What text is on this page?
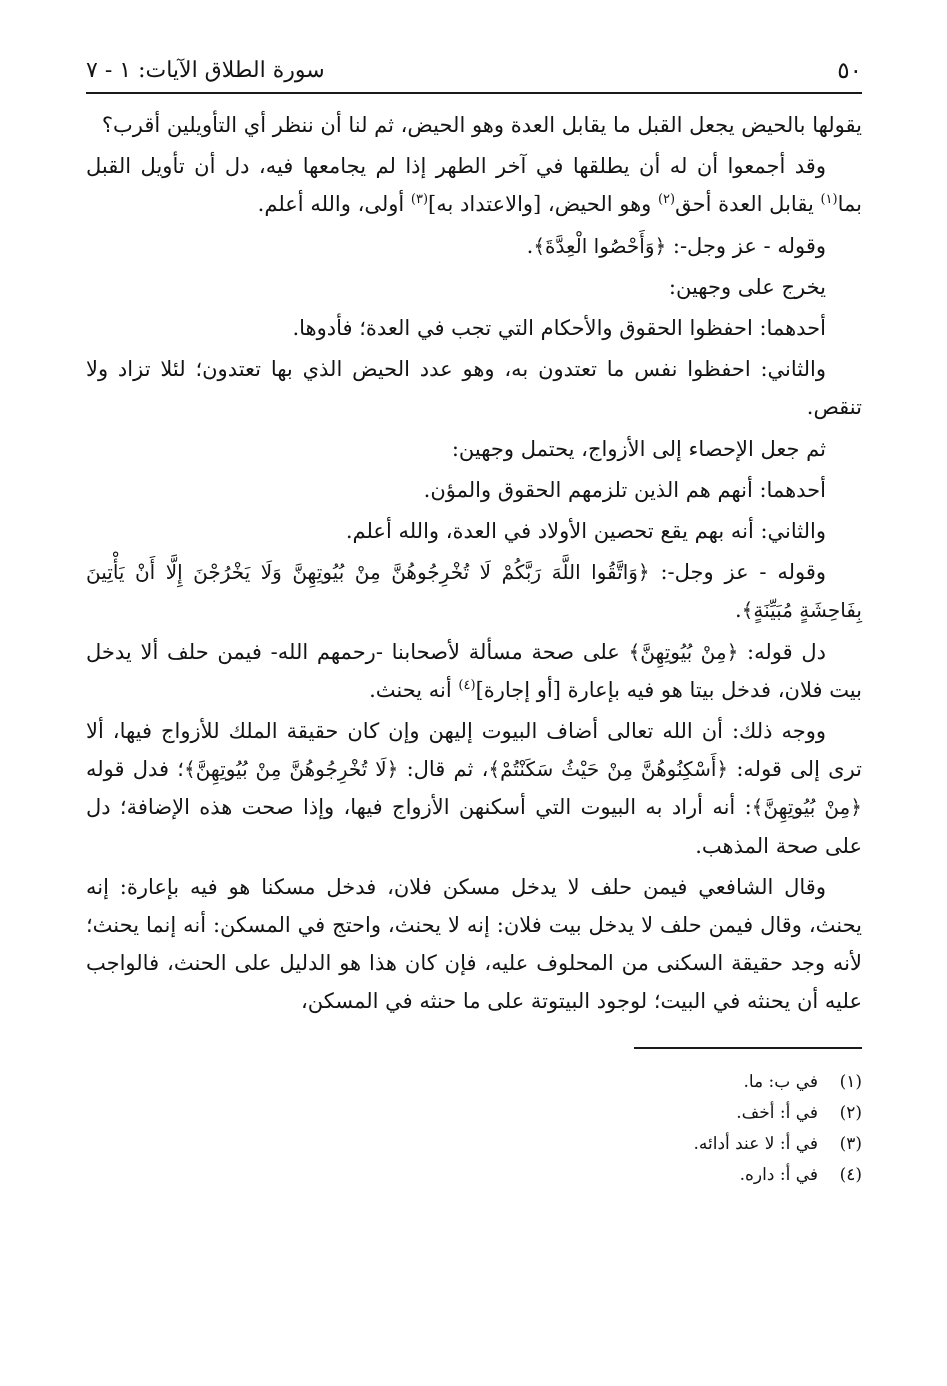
٥٠
سورة الطلاق الآيات: ١ - ٧

یقولها بالحیض یجعل القبل ما یقابل العدة وهو الحیض، ثم لنا أن ننظر أي التأویلین أقرب؟

وقد أجمعوا أن له أن یطلقها في آخر الطهر إذا لم یجامعها فیه، دل أن تأویل القبل بما$^{(١)}$ یقابل العدة أحق$^{(٢)}$ وهو الحیض، [والاعتداد به]$^{(٣)}$ أولى، والله أعلم.

وقوله - عز وجل-: ﴿وَأَحْصُوا الْعِدَّةَ﴾.

یخرج على وجهین:

أحدهما: احفظوا الحقوق والأحكام التي تجب في العدة؛ فأدوها.

والثاني: احفظوا نفس ما تعتدون به، وهو عدد الحیض الذي بها تعتدون؛ لئلا تزاد ولا تنقص.

ثم جعل الإحصاء إلى الأزواج، یحتمل وجهین:

أحدهما: أنهم هم الذین تلزمهم الحقوق والمؤن.

والثاني: أنه بهم یقع تحصین الأولاد في العدة، والله أعلم.

وقوله - عز وجل-: ﴿وَاتَّقُوا اللَّهَ رَبَّكُمْ لَا تُخْرِجُوهُنَّ مِنْ بُيُوتِهِنَّ وَلَا يَخْرُجْنَ إِلَّا أَنْ يَأْتِينَ بِفَاحِشَةٍ مُبَيِّنَةٍ﴾.

دل قوله: ﴿مِنْ بُيُوتِهِنَّ﴾ على صحة مسألة لأصحابنا -رحمهم الله- فیمن حلف ألا یدخل بیت فلان، فدخل بیتا هو فیه بإعارة [أو إجارة]$^{(٤)}$ أنه یحنث.

ووجه ذلك: أن الله تعالى أضاف البیوت إلیهن وإن كان حقیقة الملك للأزواج فیها، ألا ترى إلى قوله: ﴿أَسْكِنُوهُنَّ مِنْ حَيْثُ سَكَنْتُمْ﴾، ثم قال: ﴿لَا تُخْرِجُوهُنَّ مِنْ بُيُوتِهِنَّ﴾؛ فدل قوله ﴿مِنْ بُيُوتِهِنَّ﴾: أنه أراد به البیوت التي أسكنهن الأزواج فیها، وإذا صحت هذه الإضافة؛ دل على صحة المذهب.

وقال الشافعي فیمن حلف لا یدخل مسكن فلان، فدخل مسكنا هو فیه بإعارة: إنه یحنث، وقال فیمن حلف لا یدخل بیت فلان: إنه لا یحنث، واحتج في المسكن: أنه إنما یحنث؛ لأنه وجد حقیقة السكنى من المحلوف علیه، فإن كان هذا هو الدلیل على الحنث، فالواجب علیه أن یحنثه في البیت؛ لوجود البیتوتة على ما حنثه في المسكن،

(١)
في ب: ما.
(٢)
في أ: أخف.
(٣)
في أ: لا عند أدائه.
(٤)
في أ: داره.
